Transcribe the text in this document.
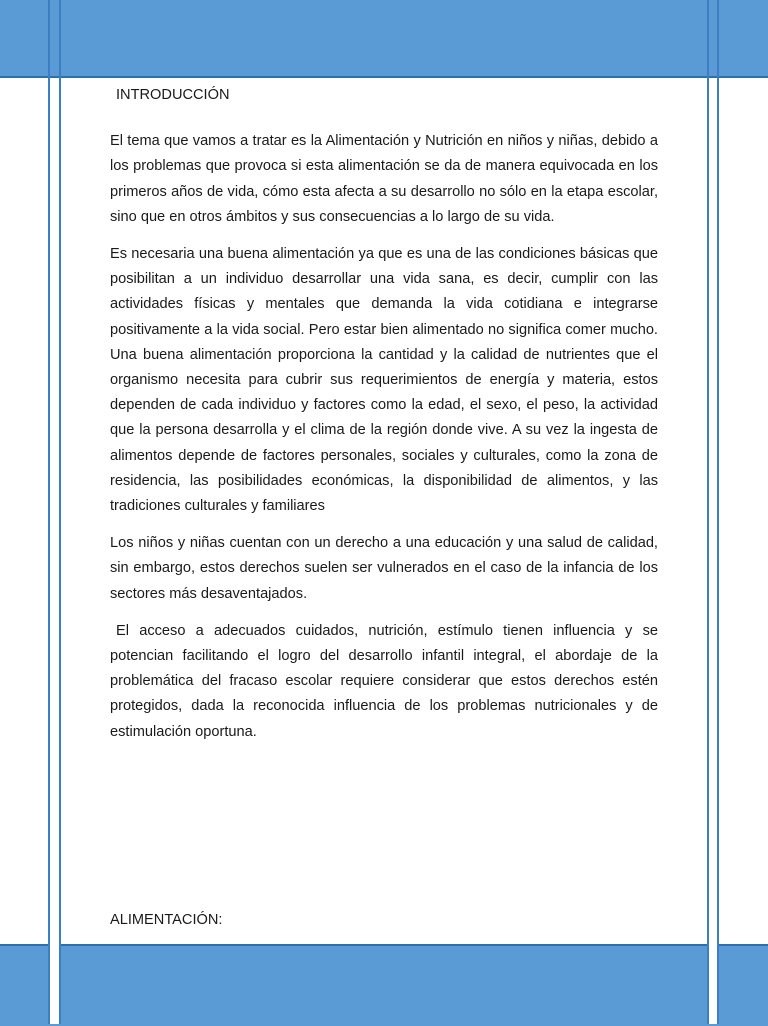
INTRODUCCIÓN

El tema que vamos a tratar es la Alimentación y Nutrición en niños y niñas, debido a los problemas que provoca si esta alimentación se da de manera equivocada en los primeros años de vida, cómo esta afecta a su desarrollo no sólo en la etapa escolar, sino que en otros ámbitos y sus consecuencias a lo largo de su vida.

Es necesaria una buena alimentación ya que es una de las condiciones básicas que posibilitan a un individuo desarrollar una vida sana, es decir, cumplir con las actividades físicas y mentales que demanda la vida cotidiana e integrarse positivamente a la vida social. Pero estar bien alimentado no significa comer mucho. Una buena alimentación proporciona la cantidad y la calidad de nutrientes que el organismo necesita para cubrir sus requerimientos de energía y materia, estos dependen de cada individuo y factores como la edad, el sexo, el peso, la actividad que la persona desarrolla y el clima de la región donde vive. A su vez la ingesta de alimentos depende de factores personales, sociales y culturales, como la zona de residencia, las posibilidades económicas, la disponibilidad de alimentos, y las tradiciones culturales y familiares

Los niños y niñas cuentan con un derecho a una educación y una salud de calidad, sin embargo, estos derechos suelen ser vulnerados en el caso de la infancia de los sectores más desaventajados.

El acceso a adecuados cuidados, nutrición, estímulo tienen influencia y se potencian facilitando el logro del desarrollo infantil integral, el abordaje de la problemática del fracaso escolar requiere considerar que estos derechos estén protegidos, dada la reconocida influencia de los problemas nutricionales y de estimulación oportuna.

ALIMENTACIÓN:
